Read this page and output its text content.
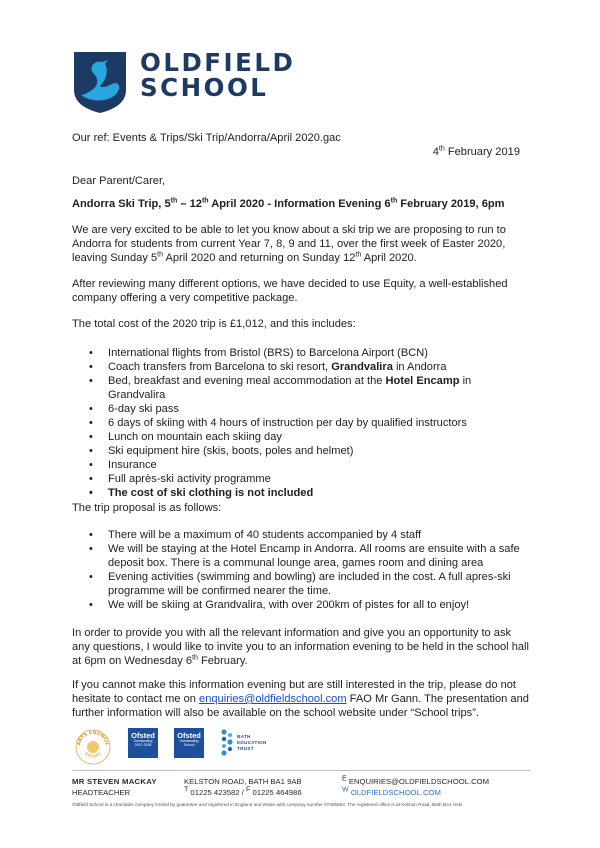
OLDFIELD
SCHOOL
Our ref: Events & Trips/Ski Trip/Andorra/April 2020.gac
4th February 2019
Dear Parent/Carer,
Andorra Ski Trip, 5th – 12th April 2020 - Information Evening 6th February 2019, 6pm
We are very excited to be able to let you know about a ski trip we are proposing to run to Andorra for students from current Year 7, 8, 9 and 11, over the first week of Easter 2020, leaving Sunday 5th April 2020 and returning on Sunday 12th April 2020.
After reviewing many different options, we have decided to use Equity, a well-established company offering a very competitive package.
The total cost of the 2020 trip is £1,012, and this includes:
• International flights from Bristol (BRS) to Barcelona Airport (BCN)
• Coach transfers from Barcelona to ski resort, Grandvalira in Andorra
• Bed, breakfast and evening meal accommodation at the Hotel Encamp in Grandvalira
• 6-day ski pass
• 6 days of skiing with 4 hours of instruction per day by qualified instructors
• Lunch on mountain each skiing day
• Ski equipment hire (skis, boots, poles and helmet)
• Insurance
• Full après-ski activity programme
• The cost of ski clothing is not included
The trip proposal is as follows:
• There will be a maximum of 40 students accompanied by 4 staff
• We will be staying at the Hotel Encamp in Andorra. All rooms are ensuite with a safe deposit box. There is a communal lounge area, games room and dining area
• Evening activities (swimming and bowling) are included in the cost. A full apres-ski programme will be confirmed nearer the time.
• We will be skiing at Grandvalira, with over 200km of pistes for all to enjoy!
In order to provide you with all the relevant information and give you an opportunity to ask any questions, I would like to invite you to an information evening to be held in the school hall at 6pm on Wednesday 6th February.
If you cannot make this information evening but are still interested in the trip, please do not hesitate to contact me on enquiries@oldfieldschool.com FAO Mr Gann. The presentation and further information will also be available on the school website under “School trips”.
ARTS COUNCIL
ENGLAND
Ofsted
Outstanding
2007-2008
Ofsted
Outstanding
School
BATH
EDUCATION
TRUST
MR STEVEN MACKAY
HEADTEACHER
KELSTON ROAD, BATH BA1 9AB
$^T$ 01225 423582 / $^F$ 01225 464986
$^E$ ENQUIRIES@OLDFIELDSCHOOL.COM
$^W$ OLDFIELDSCHOOL.COM
Oldfield School is a charitable company limited by guarantee and registered in England and Wales with company number 07495563. The registered office is at Kelston Road, Bath BA1 9AB
